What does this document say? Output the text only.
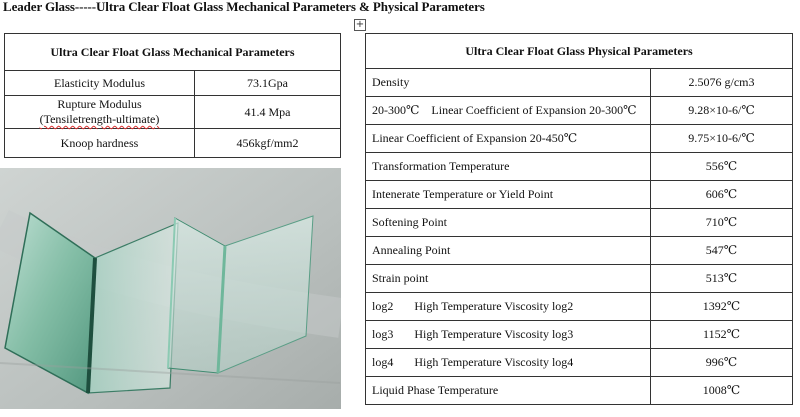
Leader Glass-----Ultra Clear Float Glass Mechanical Parameters & Physical Parameters
+
Ultra Clear Float Glass Mechanical Parameters	
Elasticity Modulus	73.1Gpa

Rupture Modulus
(Tensiletrength-ultimate)	41.4 Mpa
Knoop hardness	456kgf/mm2
Ultra Clear Float Glass Physical Parameters	
Density	2.5076 g/cm3
20-300℃    Linear Coefficient of Expansion 20-300℃	9.28×10-6/℃
Linear Coefficient of Expansion 20-450℃	9.75×10-6/℃
Transformation Temperature	556℃
Intenerate Temperature or Yield Point	606℃
Softening Point	710℃
Annealing Point	547℃
Strain point	513℃
log2       High Temperature Viscosity log2	1392℃
log3       High Temperature Viscosity log3	1152℃
log4       High Temperature Viscosity log4	996℃
Liquid Phase Temperature	1008℃
